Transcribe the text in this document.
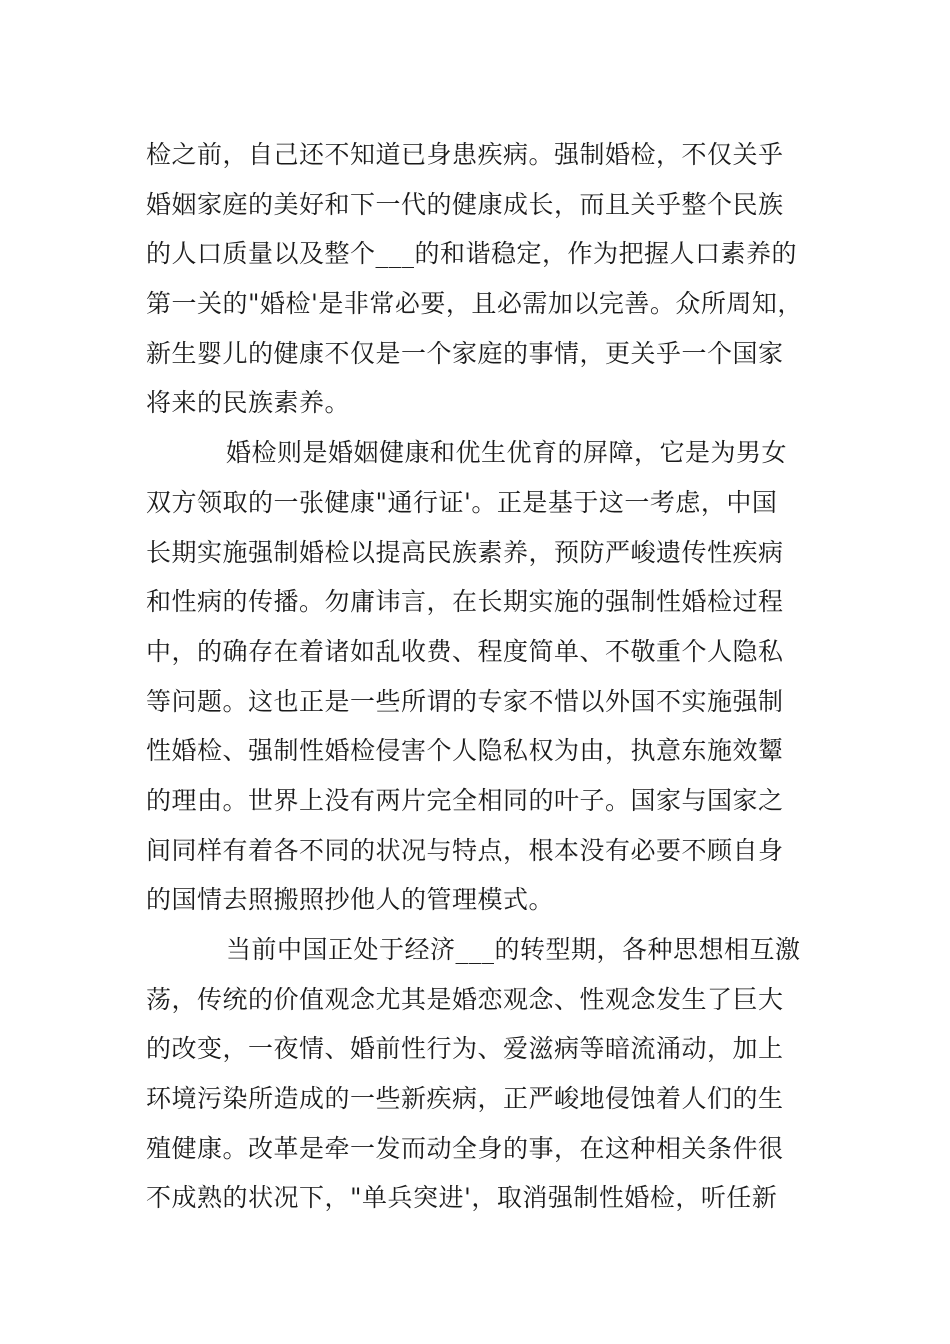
检之前，自己还不知道已身患疾病。强制婚检，不仅关乎
婚姻家庭的美好和下一代的健康成长，而且关乎整个民族
的人口质量以及整个___的和谐稳定，作为把握人口素养的
第一关的"婚检'是非常必要，且必需加以完善。众所周知，
新生婴儿的健康不仅是一个家庭的事情，更关乎一个国家
将来的民族素养。
婚检则是婚姻健康和优生优育的屏障，它是为男女
双方领取的一张健康"通行证'。正是基于这一考虑，中国
长期实施强制婚检以提高民族素养，预防严峻遗传性疾病
和性病的传播。勿庸讳言，在长期实施的强制性婚检过程
中，的确存在着诸如乱收费、程度简单、不敬重个人隐私
等问题。这也正是一些所谓的专家不惜以外国不实施强制
性婚检、强制性婚检侵害个人隐私权为由，执意东施效颦
的理由。世界上没有两片完全相同的叶子。国家与国家之
间同样有着各不同的状况与特点，根本没有必要不顾自身
的国情去照搬照抄他人的管理模式。
当前中国正处于经济___的转型期，各种思想相互激
荡，传统的价值观念尤其是婚恋观念、性观念发生了巨大
的改变，一夜情、婚前性行为、爱滋病等暗流涌动，加上
环境污染所造成的一些新疾病，正严峻地侵蚀着人们的生
殖健康。改革是牵一发而动全身的事，在这种相关条件很
不成熟的状况下，"单兵突进'，取消强制性婚检，听任新
